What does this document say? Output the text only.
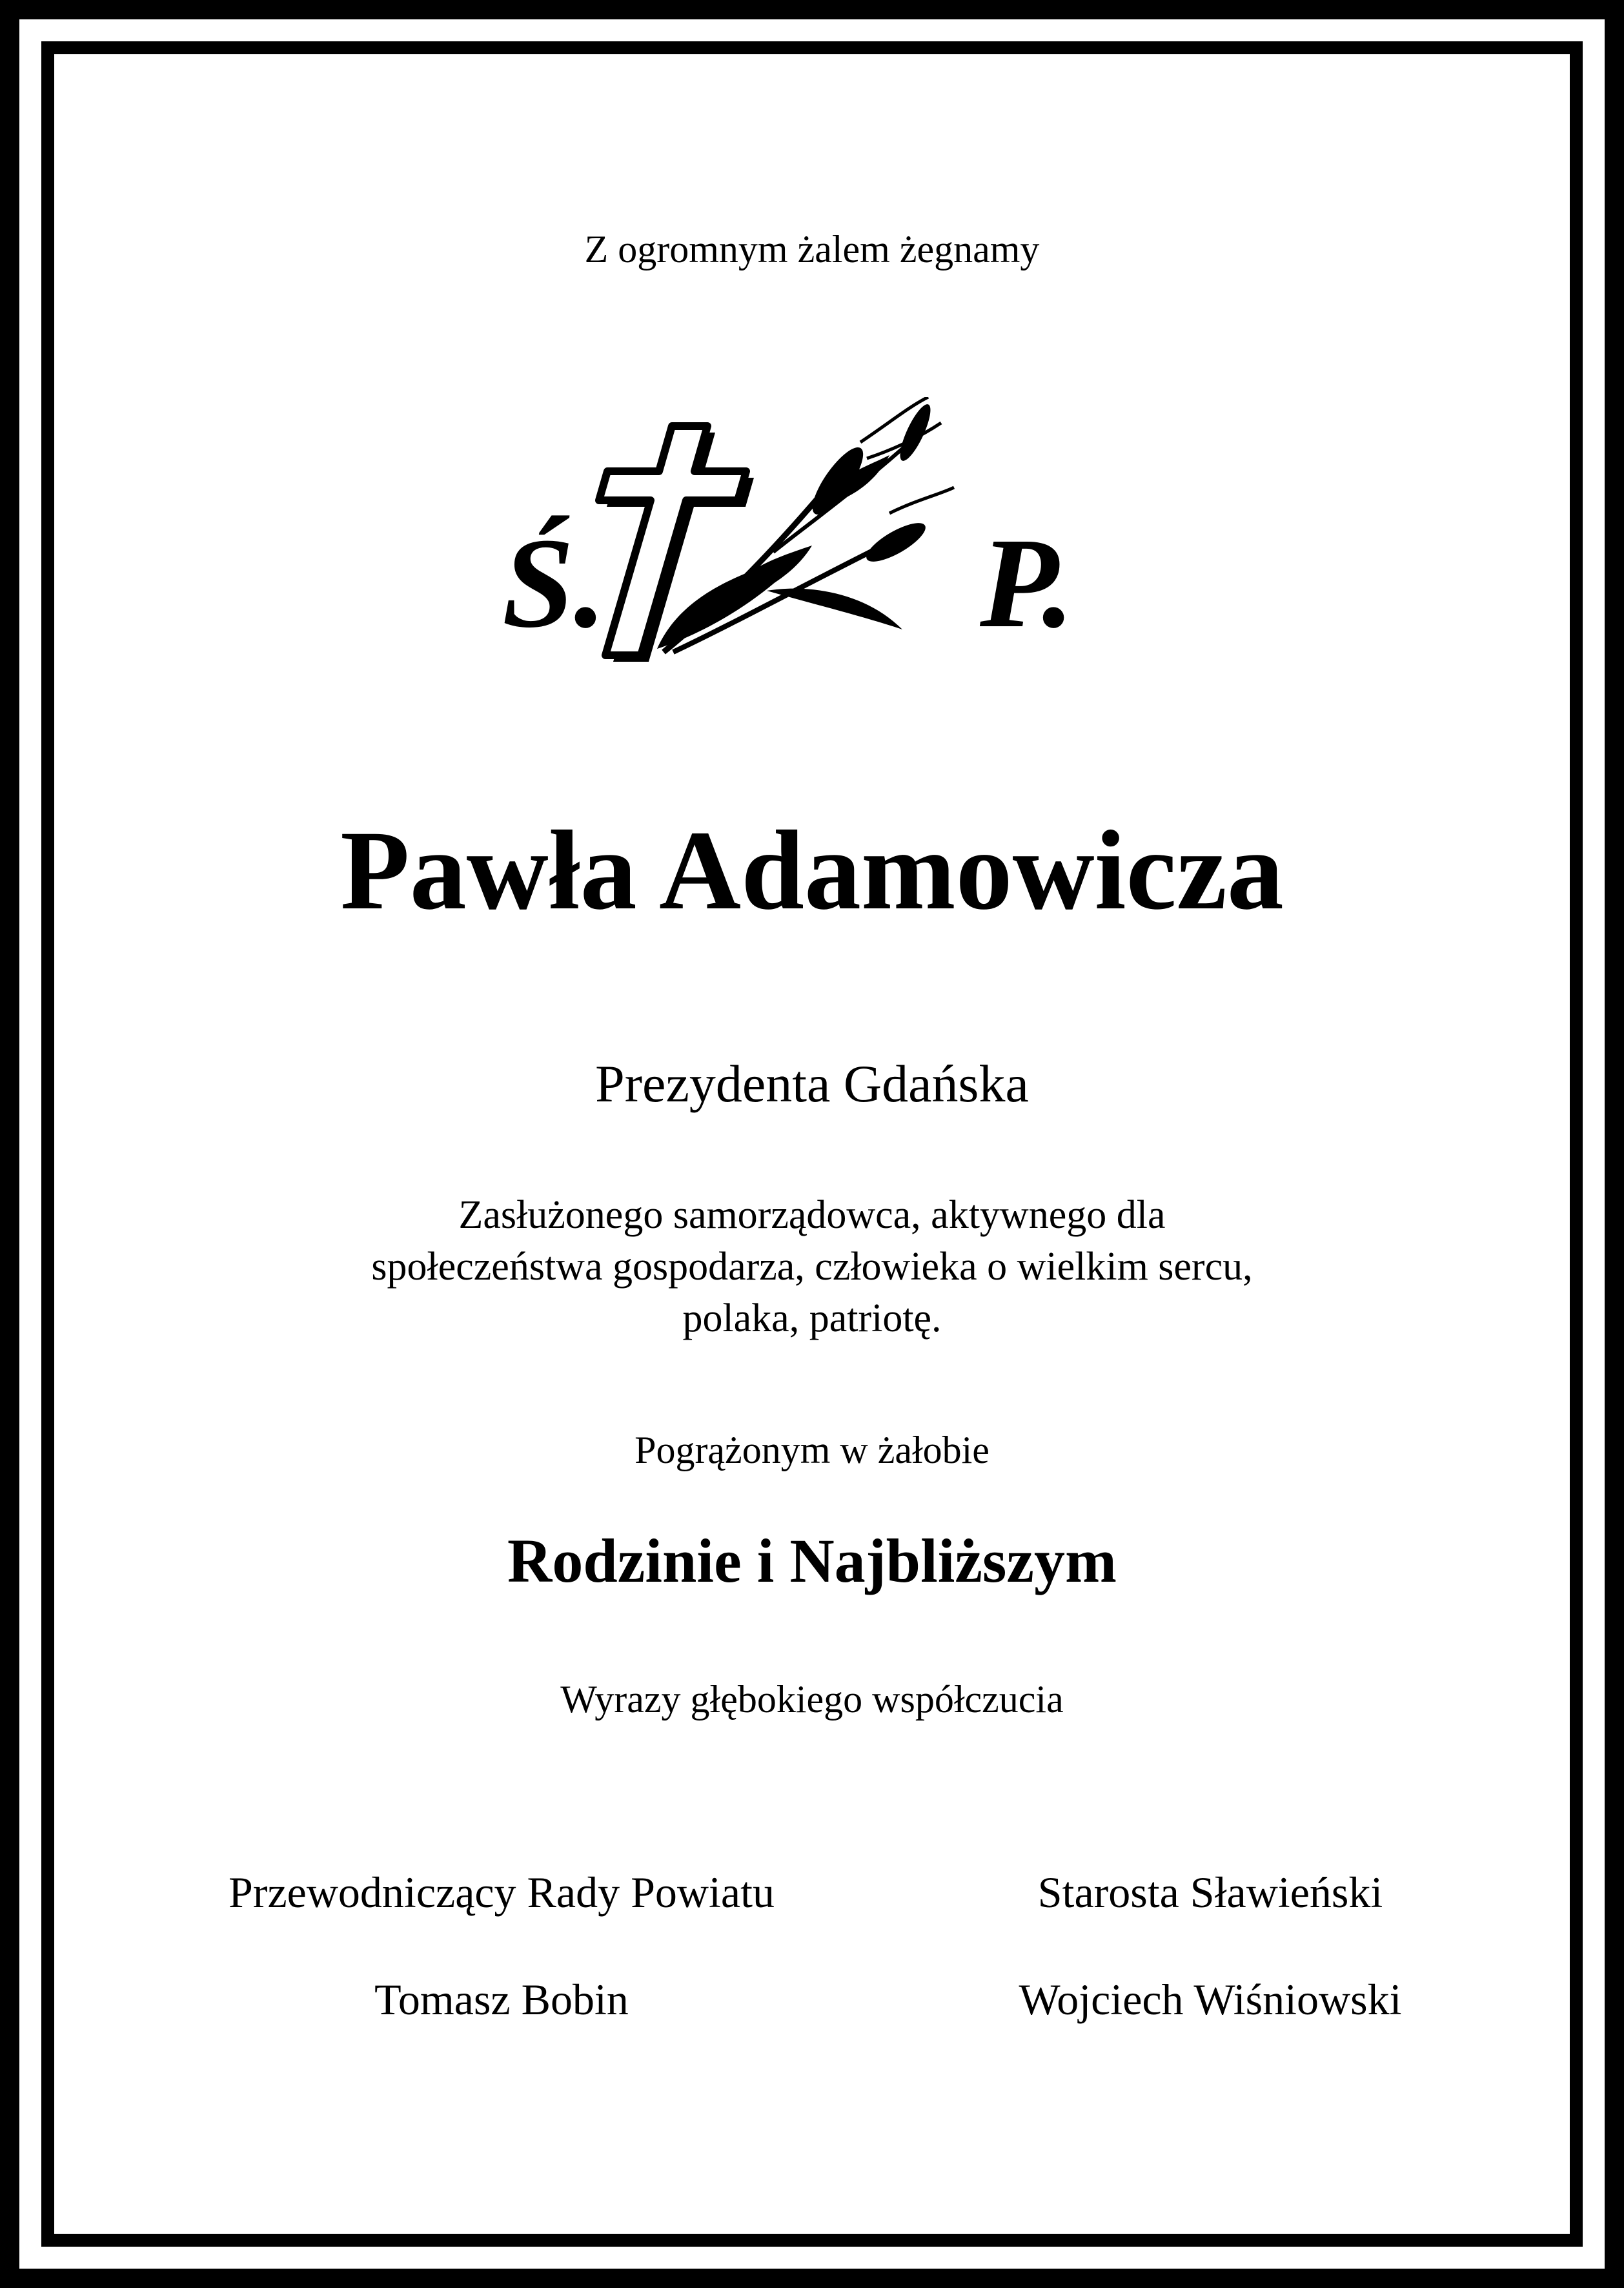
Z ogromnym żalem żegnamy
Ś.	P.
Pawła Adamowicza
Prezydenta Gdańska
Zasłużonego samorządowca, aktywnego dla
społeczeństwa gospodarza, człowieka o wielkim sercu,
polaka, patriotę.
Pogrążonym w żałobie
Rodzinie i Najbliższym
Wyrazy głębokiego współczucia
Przewodniczący Rady Powiatu
Tomasz Bobin
Starosta Sławieński
Wojciech Wiśniowski
